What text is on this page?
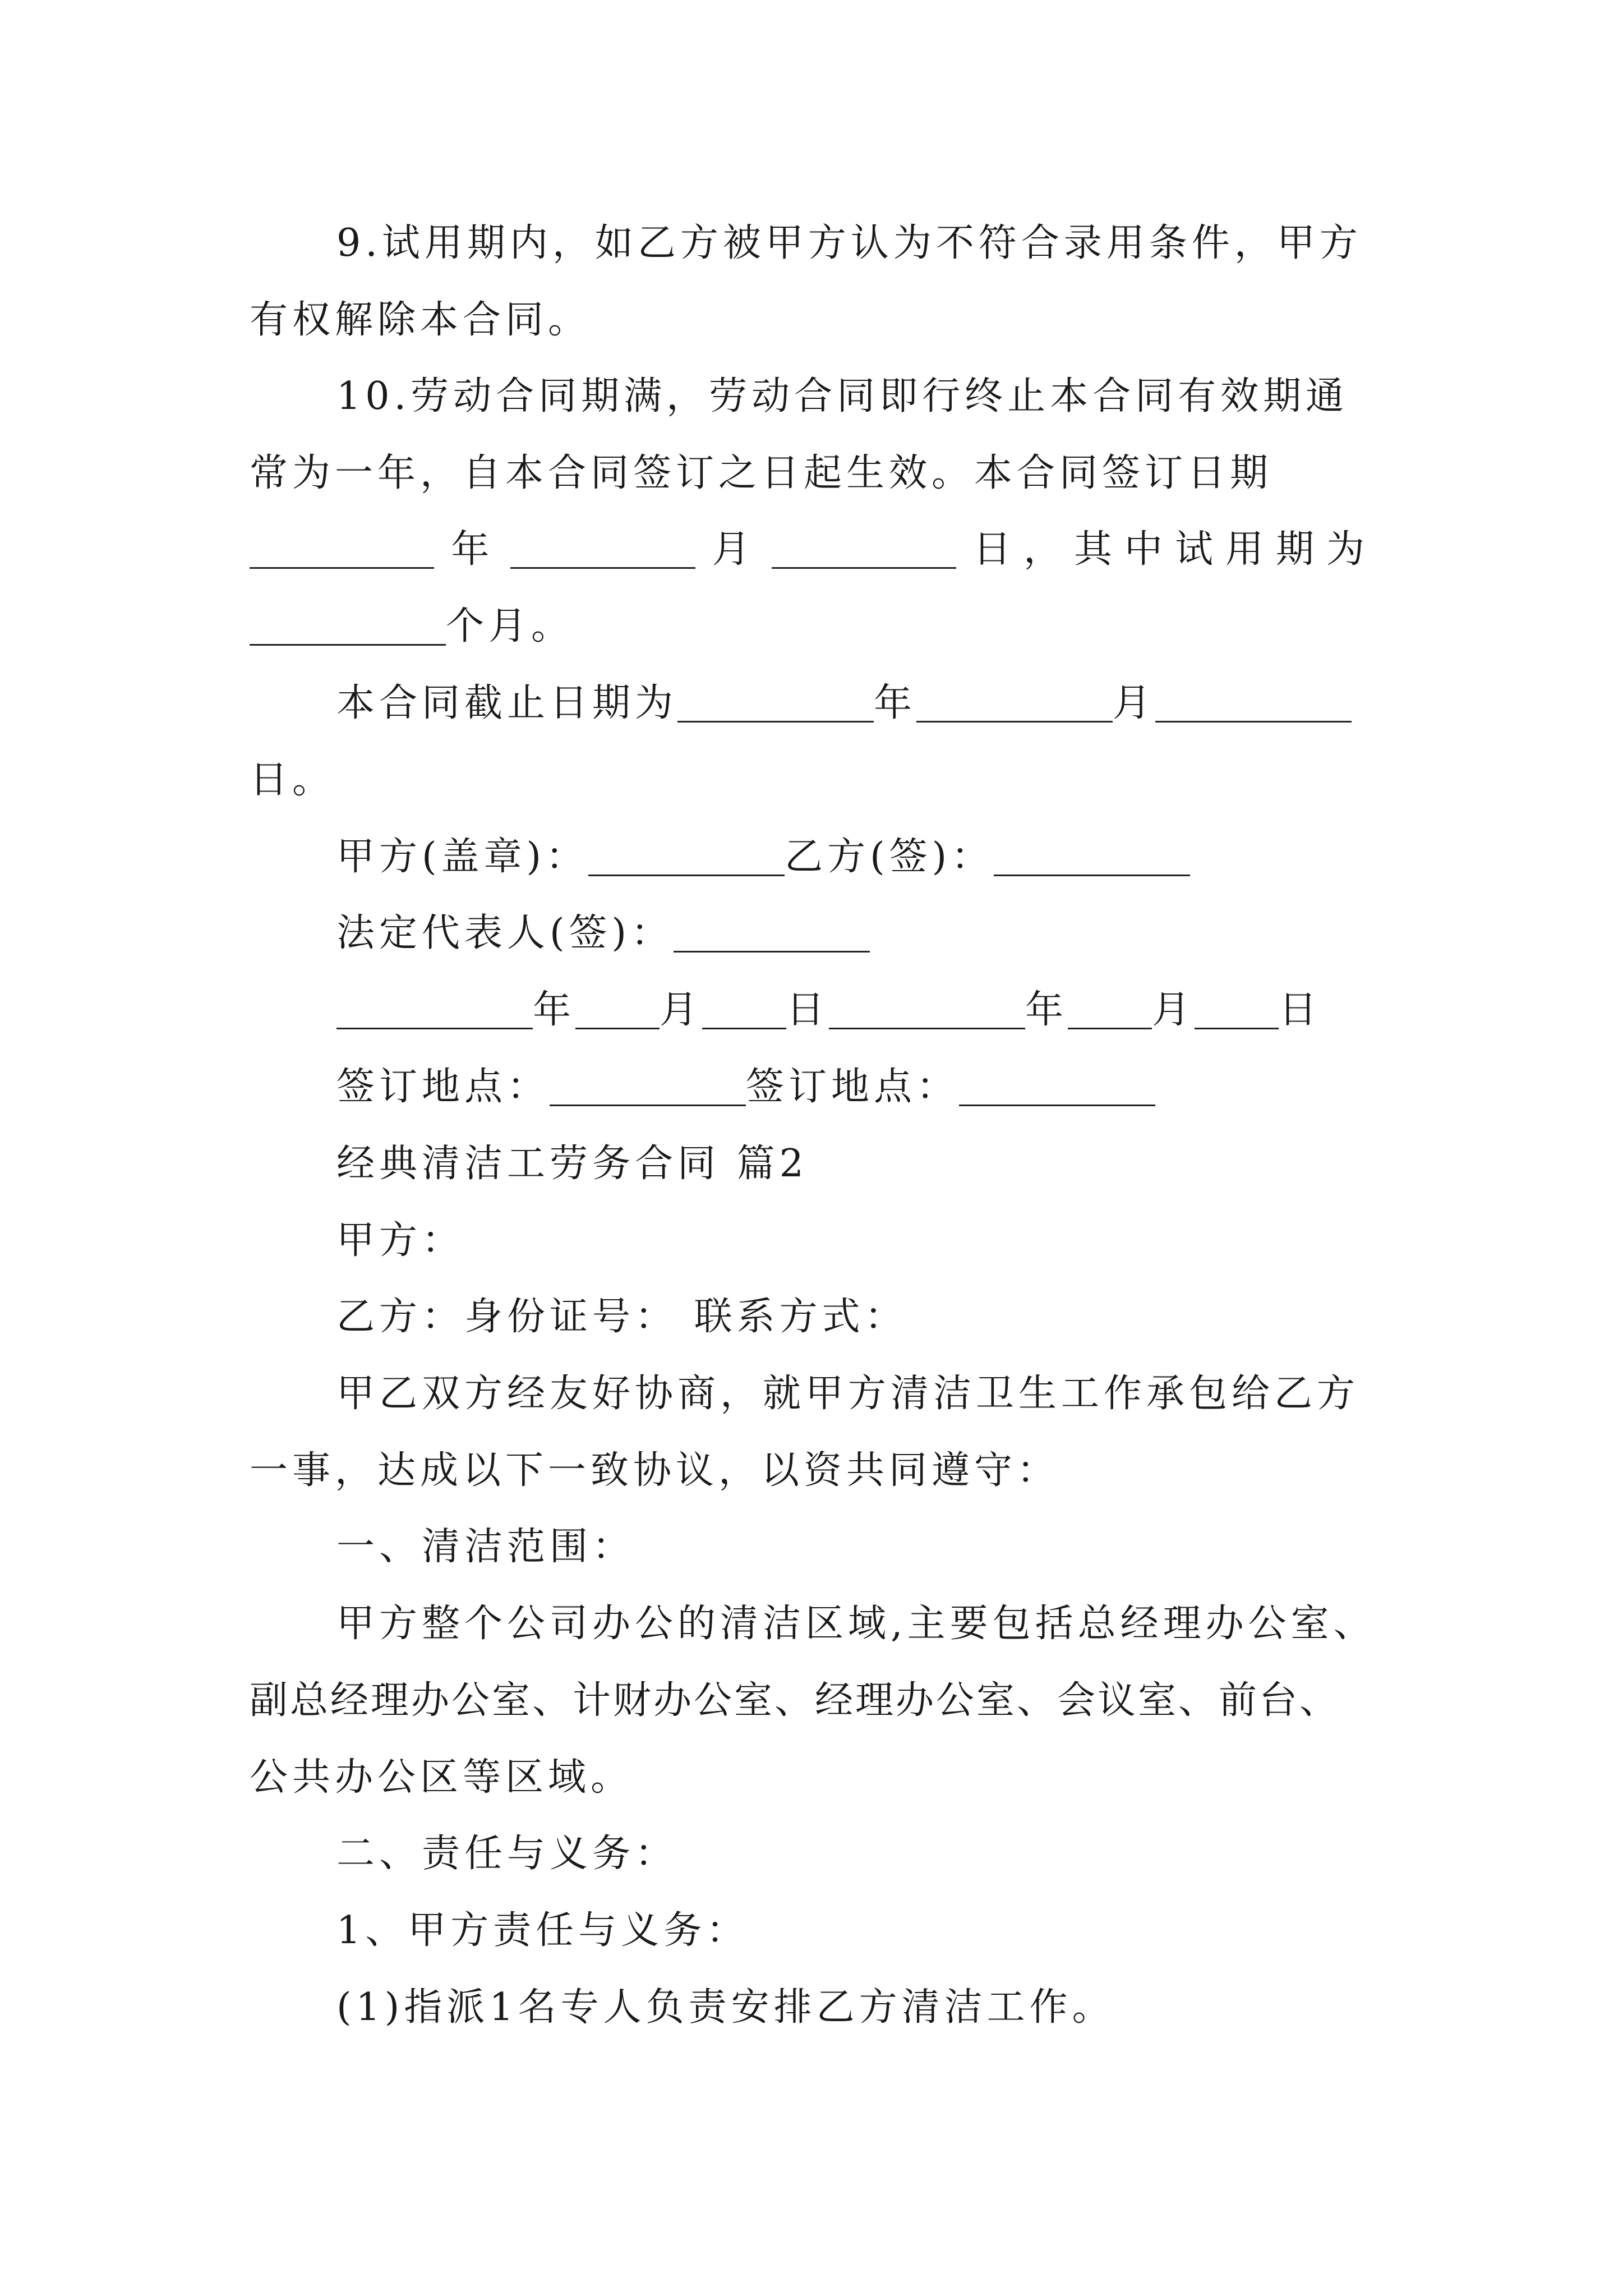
9.试用期内，如乙方被甲方认为不符合录用条件，甲方
有权解除本合同。
10.劳动合同期满，劳动合同即行终止本合同有效期通
常为一年，自本合同签订之日起生效。本合同签订日期
年	月	日，其中试用期为
个月。
本合同截止日期为	年	月
日。
甲方(盖章)：	乙方(签)：
法定代表人(签)：
年 月 日	年 月 日
签订地点：	签订地点：
经典清洁工劳务合同 篇2
甲方：
乙方：身份证号： 联系方式：
甲乙双方经友好协商，就甲方清洁卫生工作承包给乙方
一事，达成以下一致协议，以资共同遵守：
一、清洁范围：
甲方整个公司办公的清洁区域,主要包括总经理办公室、
副总经理办公室、计财办公室、经理办公室、会议室、前台、
公共办公区等区域。
二、责任与义务：
1、甲方责任与义务：
(1)指派1名专人负责安排乙方清洁工作。
